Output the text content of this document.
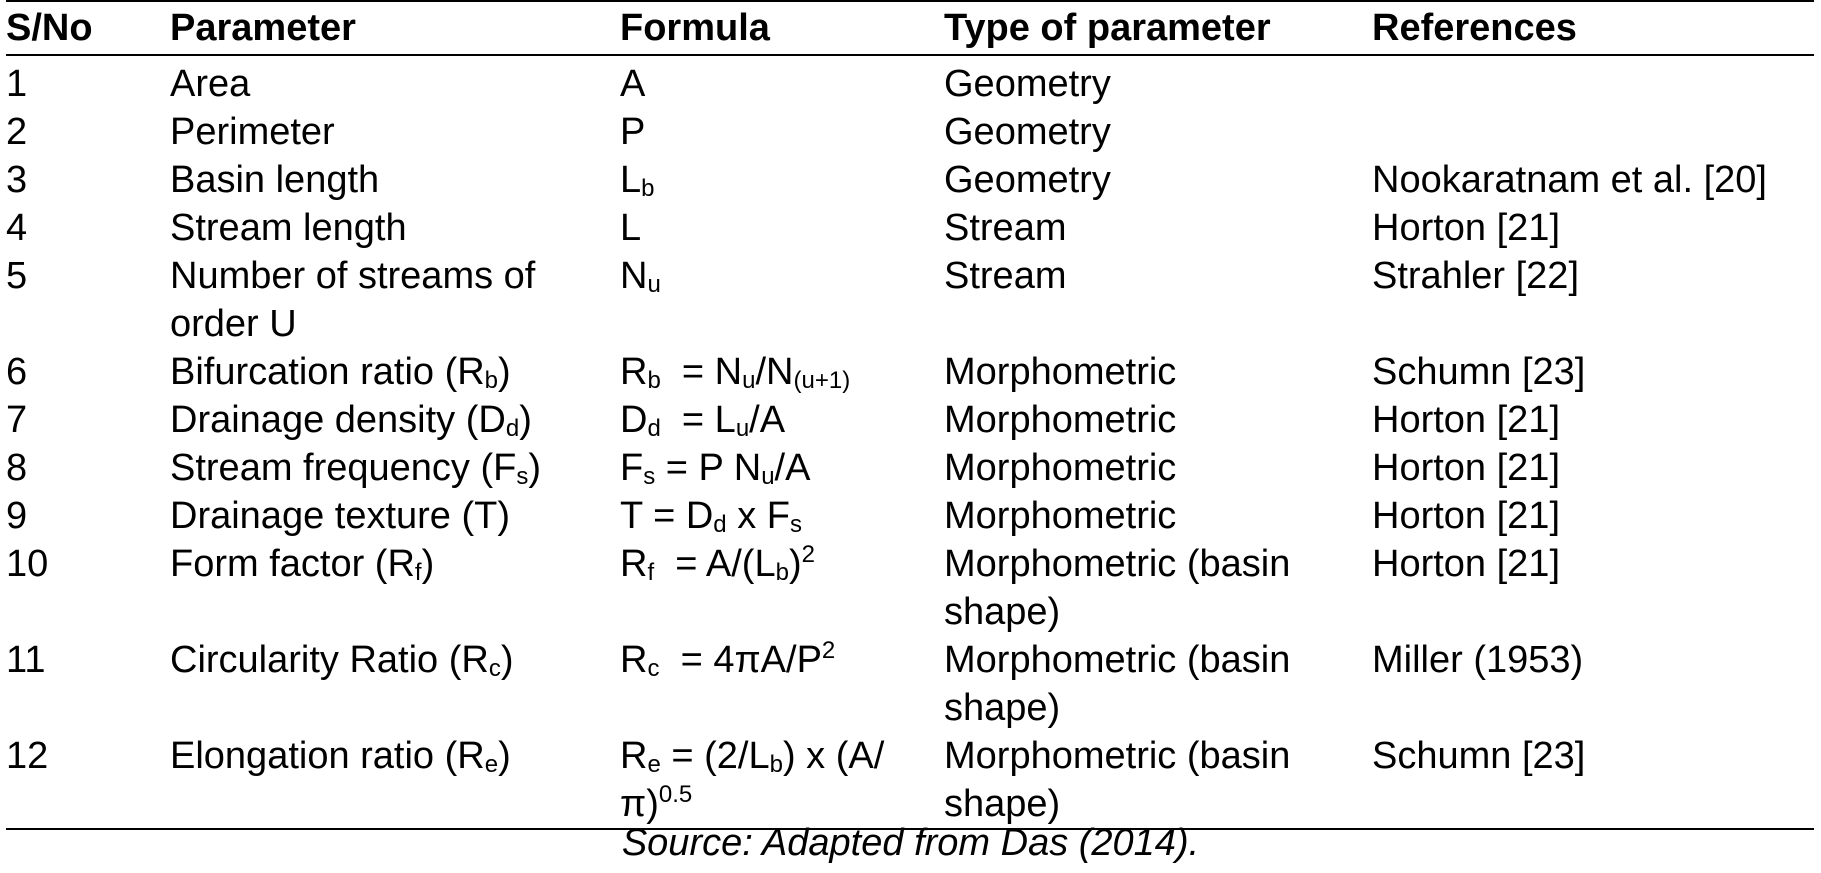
S/No	Parameter	Formula	Type of parameter	References
1	Area	A	Geometry	
2	Perimeter	P	Geometry	
3	Basin length	$L_b$	Geometry	Nookaratnam et al. [20]
4	Stream length	L	Stream	Horton [21]
5	Number of streams of order U	$N_u$	Stream	Strahler [22]
6	Bifurcation ratio $(R_b)$	$R_b = N_u/N_{(u+1)}$	Morphometric	Schumn [23]
7	Drainage density $(D_d)$	$D_d = L_u/A$	Morphometric	Horton [21]
8	Stream frequency $(F_s)$	$F_s = P$ $N_u/A$	Morphometric	Horton [21]
9	Drainage texture (T)	$T = D_d$ x $F_s$	Morphometric	Horton [21]
10	Form factor $(R_f)$	$R_f = A/(L_b)^2$	Morphometric (basin shape)	Horton [21]
11	Circularity Ratio $(R_c)$	$R_c = 4\pi A/P^2$	Morphometric (basin shape)	Miller (1953)
12	Elongation ratio $(R_e)$	$R_e = (2/L_b)$ x $(A/\pi)^{0.5}$	Morphometric (basin shape)	Schumn [23]
Source: Adapted from Das (2014).
